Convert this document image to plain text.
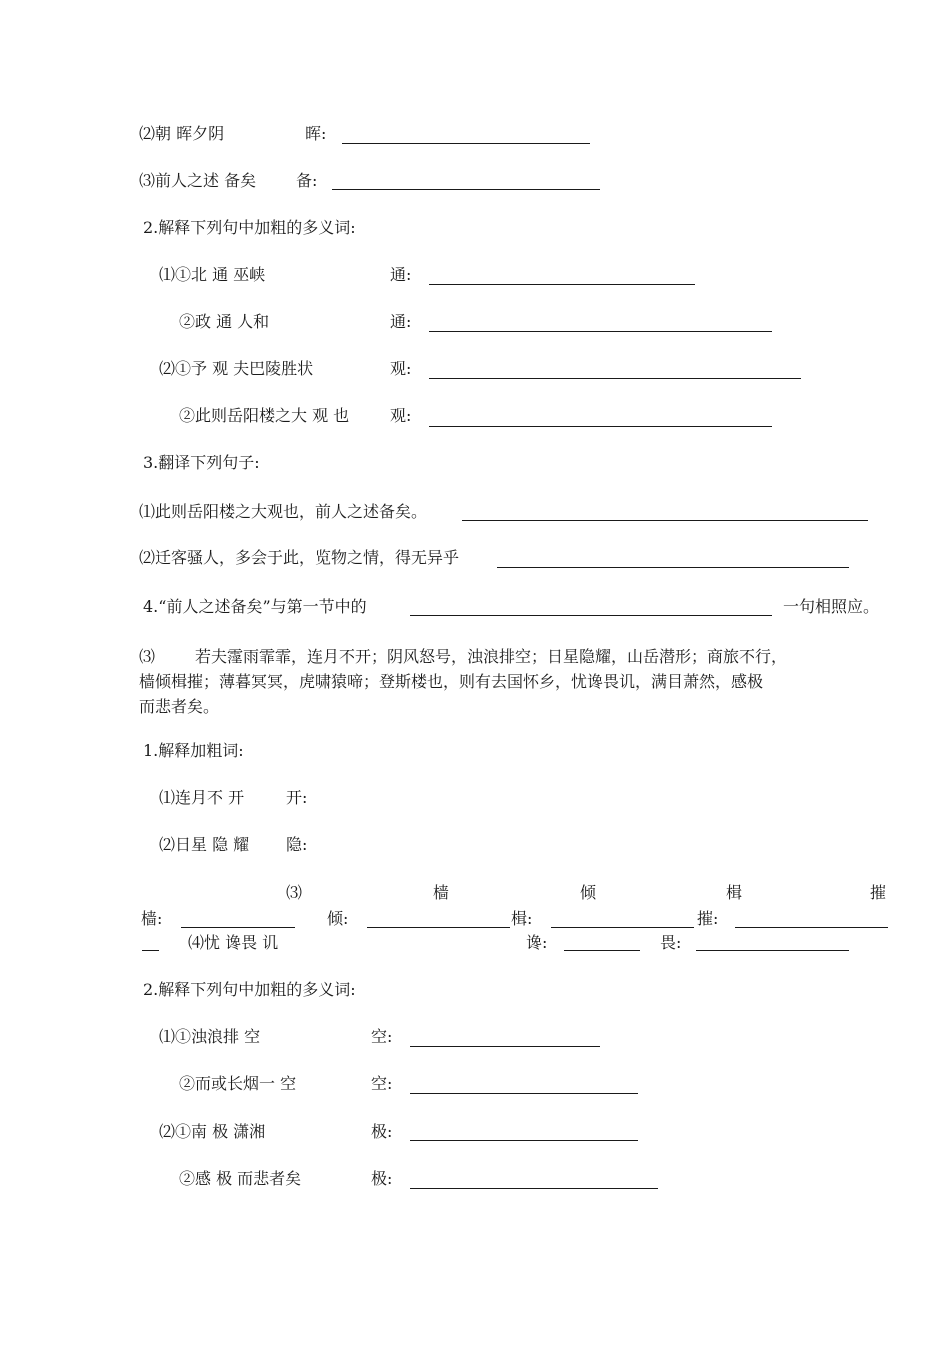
⑵朝 晖夕阴	晖:
⑶前人之述 备矣 备:
2.解释下列句中加粗的多义词:
⑴①北 通 巫峡	通:
②政 通 人和	通:
⑵①予 观 夫巴陵胜状	观:
②此则岳阳楼之大 观 也	观:
3.翻译下列句子:
⑴此则岳阳楼之大观也，前人之述备矣。
⑵迁客骚人，多会于此，览物之情，得无异乎
4.“前人之述备矣”与第一节中的	一句相照应。
⑶	若夫霪雨霏霏，连月不开；阴风怒号，浊浪排空；日星隐耀，山岳潜形；商旅不行，
樯倾楫摧；薄暮冥冥，虎啸猿啼；登斯楼也，则有去国怀乡，忧谗畏讥，满目萧然，感极
而悲者矣。
1.解释加粗词:
⑴连月不 开	开:
⑵日星 隐 耀 隐:
⑶	樯	倾	楫	摧
樯:	倾:	楫:	摧:
⑷忧 谗畏 讥	谗:	畏:
2.解释下列句中加粗的多义词:
⑴①浊浪排 空	空:
②而或长烟一 空	空:
⑵①南 极 潇湘	极:
②感 极 而悲者矣	极:
